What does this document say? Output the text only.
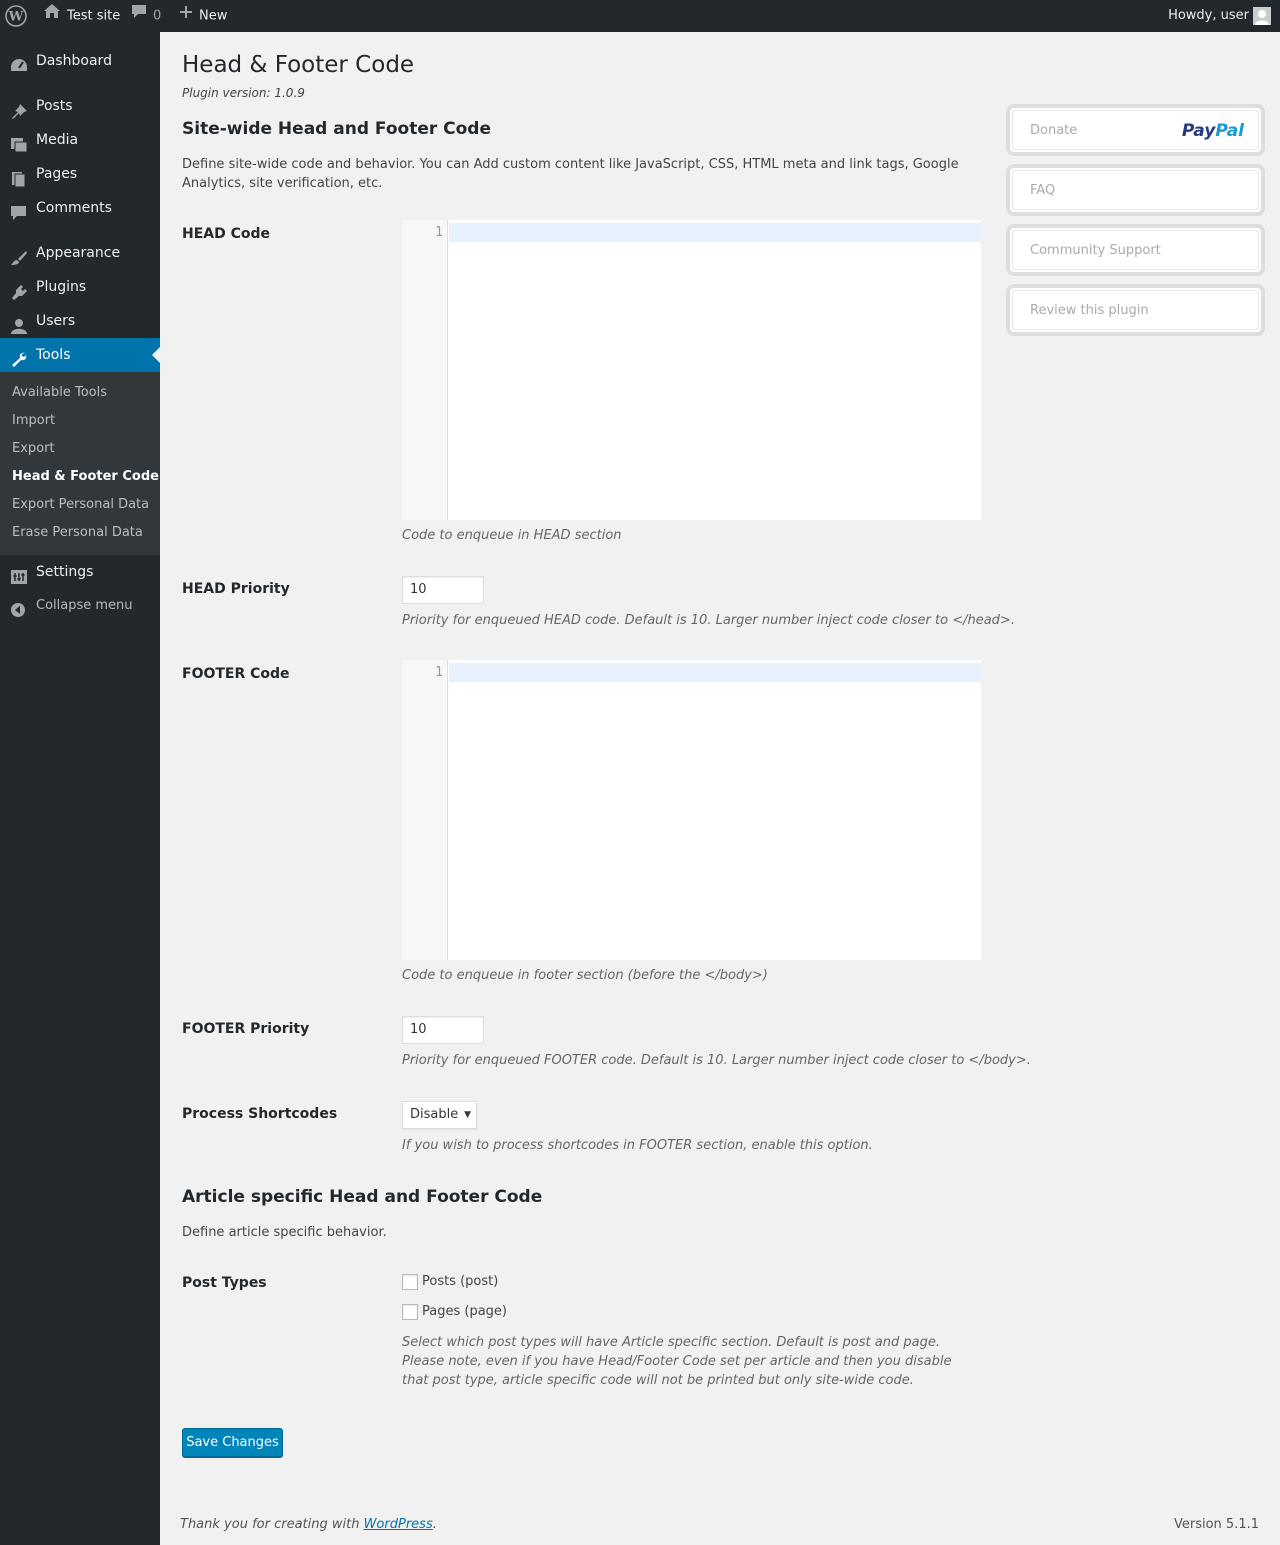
W	Test site	0	New	Howdy, user
Dashboard
Posts
Media
Pages
Comments
Appearance
Plugins
Users
Tools
Available Tools
Import
Export
Head & Footer Code
Export Personal Data
Erase Personal Data
Settings
Collapse menu
Head & Footer Code
Plugin version: 1.0.9
Site-wide Head and Footer Code
Define site-wide code and behavior. You can Add custom content like JavaScript, CSS, HTML meta and link tags, Google Analytics, site verification, etc.
HEAD Code	1
Code to enqueue in HEAD section
HEAD Priority	10
Priority for enqueued HEAD code. Default is 10. Larger number inject code closer to </head>.
FOOTER Code	1
Code to enqueue in footer section (before the </body>)
FOOTER Priority	10
Priority for enqueued FOOTER code. Default is 10. Larger number inject code closer to </body>.
Process Shortcodes	Disable ▼
If you wish to process shortcodes in FOOTER section, enable this option.
Article specific Head and Footer Code
Define article specific behavior.
Post Types	Posts (post)
Pages (page)
Select which post types will have Article specific section. Default is post and page. Please note, even if you have Head/Footer Code set per article and then you disable that post type, article specific code will not be printed but only site-wide code.
Save Changes
Donate	PayPal
FAQ
Community Support
Review this plugin
Thank you for creating with WordPress.	Version 5.1.1
